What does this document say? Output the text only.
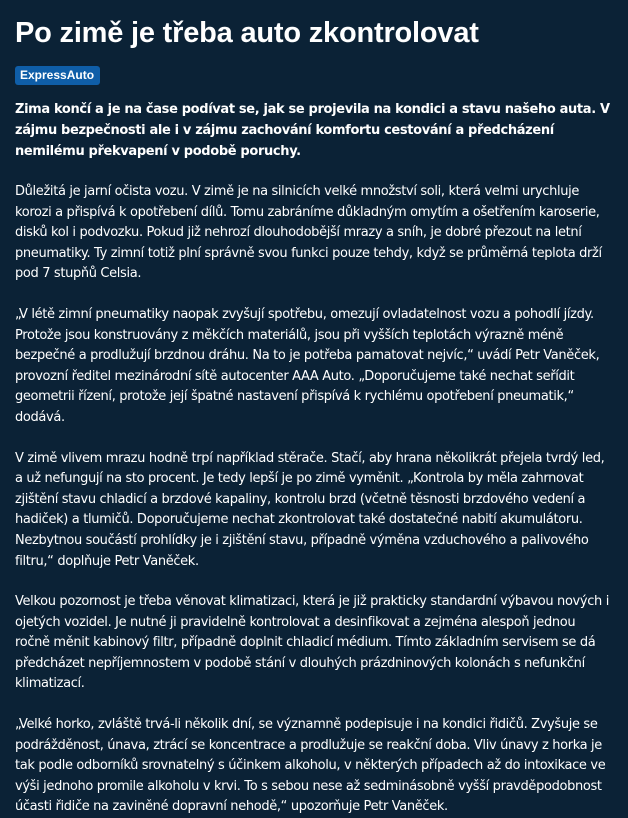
Po zimě je třeba auto zkontrolovat
ExpressAuto

Zima končí a je na čase podívat se, jak se projevila na kondici a stavu našeho auta. V zájmu bezpečnosti ale i v zájmu zachování komfortu cestování a předcházení nemilému překvapení v podobě poruchy.

Důležitá je jarní očista vozu. V zimě je na silnicích velké množství soli, která velmi urychluje korozi a přispívá k opotřebení dílů. Tomu zabráníme důkladným omytím a ošetřením karoserie, disků kol i podvozku. Pokud již nehrozí dlouhodobější mrazy a sníh, je dobré přezout na letní pneumatiky. Ty zimní totiž plní správně svou funkci pouze tehdy, když se průměrná teplota drží pod 7 stupňů Celsia.

„V létě zimní pneumatiky naopak zvyšují spotřebu, omezují ovladatelnost vozu a pohodlí jízdy. Protože jsou konstruovány z měkčích materiálů, jsou při vyšších teplotách výrazně méně bezpečné a prodlužují brzdnou dráhu. Na to je potřeba pamatovat nejvíc,“ uvádí Petr Vaněček, provozní ředitel mezinárodní sítě autocenter AAA Auto. „Doporučujeme také nechat seřídit geometrii řízení, protože její špatné nastavení přispívá k rychlému opotřebení pneumatik,“ dodává.

V zimě vlivem mrazu hodně trpí například stěrače. Stačí, aby hrana několikrát přejela tvrdý led, a už nefungují na sto procent. Je tedy lepší je po zimě vyměnit. „Kontrola by měla zahrnovat zjištění stavu chladicí a brzdové kapaliny, kontrolu brzd (včetně těsnosti brzdového vedení a hadiček) a tlumičů. Doporučujeme nechat zkontrolovat také dostatečné nabití akumulátoru. Nezbytnou součástí prohlídky je i zjištění stavu, případně výměna vzduchového a palivového filtru,“ doplňuje Petr Vaněček.

Velkou pozornost je třeba věnovat klimatizaci, která je již prakticky standardní výbavou nových i ojetých vozidel. Je nutné ji pravidelně kontrolovat a desinfikovat a zejména alespoň jednou ročně měnit kabinový filtr, případně doplnit chladicí médium. Tímto základním servisem se dá předcházet nepříjemnostem v podobě stání v dlouhých prázdninových kolonách s nefunkční klimatizací.

„Velké horko, zvláště trvá-li několik dní, se významně podepisuje i na kondici řidičů. Zvyšuje se podrážděnost, únava, ztrácí se koncentrace a prodlužuje se reakční doba. Vliv únavy z horka je tak podle odborníků srovnatelný s účinkem alkoholu, v některých případech až do intoxikace ve výši jednoho promile alkoholu v krvi. To s sebou nese až sedminásobně vyšší pravděpodobnost účasti řidiče na zaviněné dopravní nehodě,“ upozorňuje Petr Vaněček.
